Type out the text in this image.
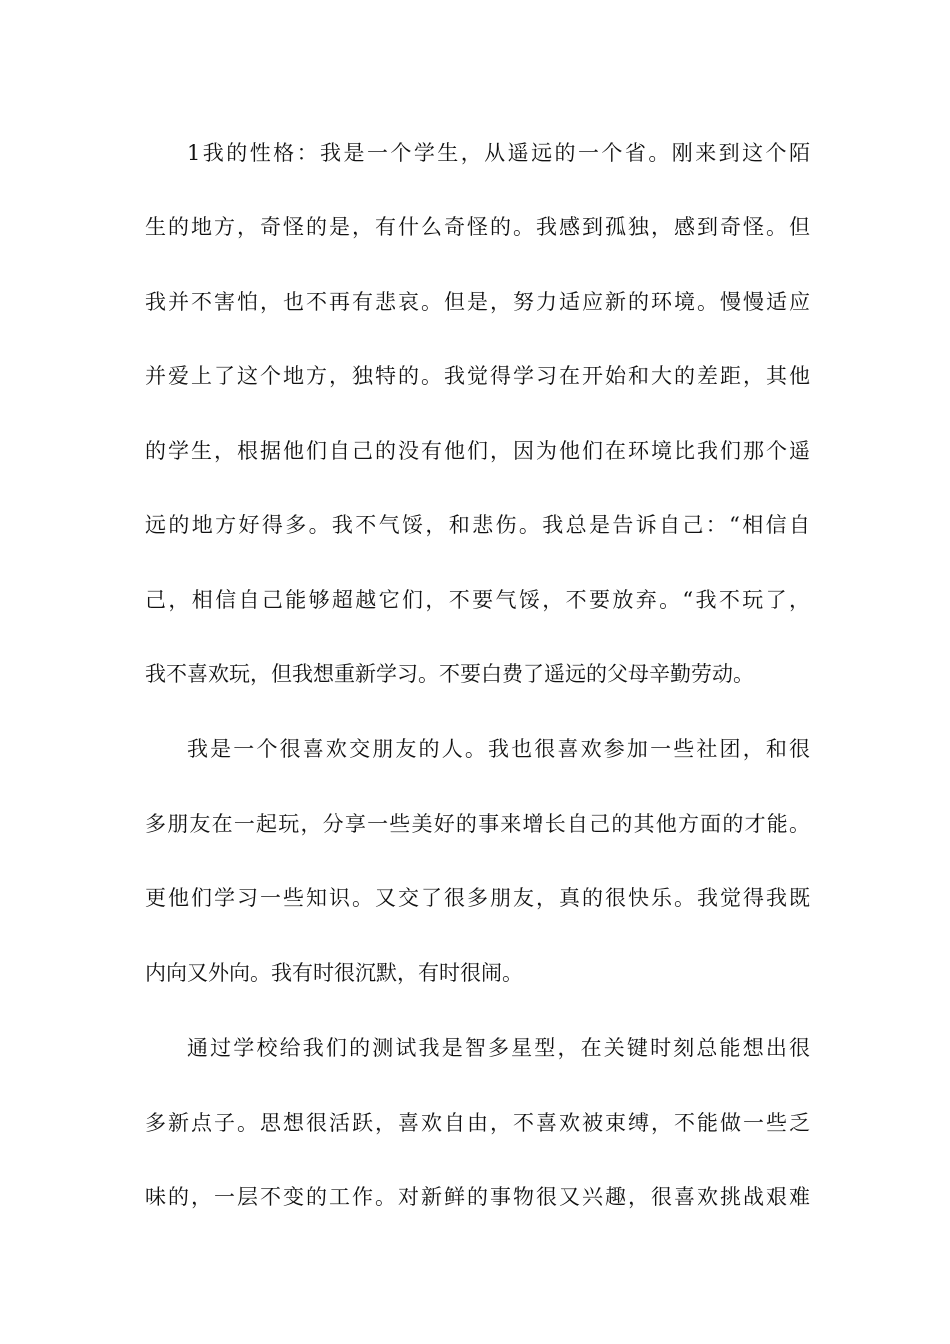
1我的性格：我是一个学生，从遥远的一个省。刚来到这个陌
生的地方，奇怪的是，有什么奇怪的。我感到孤独，感到奇怪。但
我并不害怕，也不再有悲哀。但是，努力适应新的环境。慢慢适应
并爱上了这个地方，独特的。我觉得学习在开始和大的差距，其他
的学生，根据他们自己的没有他们，因为他们在环境比我们那个遥
远的地方好得多。我不气馁，和悲伤。我总是告诉自己：“相信自
己，相信自己能够超越它们，不要气馁，不要放弃。“我不玩了，
我不喜欢玩，但我想重新学习。不要白费了遥远的父母辛勤劳动。
我是一个很喜欢交朋友的人。我也很喜欢参加一些社团，和很
多朋友在一起玩，分享一些美好的事来增长自己的其他方面的才能。
更他们学习一些知识。又交了很多朋友，真的很快乐。我觉得我既
内向又外向。我有时很沉默，有时很闹。
通过学校给我们的测试我是智多星型，在关键时刻总能想出很
多新点子。思想很活跃，喜欢自由，不喜欢被束缚，不能做一些乏
味的，一层不变的工作。对新鲜的事物很又兴趣，很喜欢挑战艰难
